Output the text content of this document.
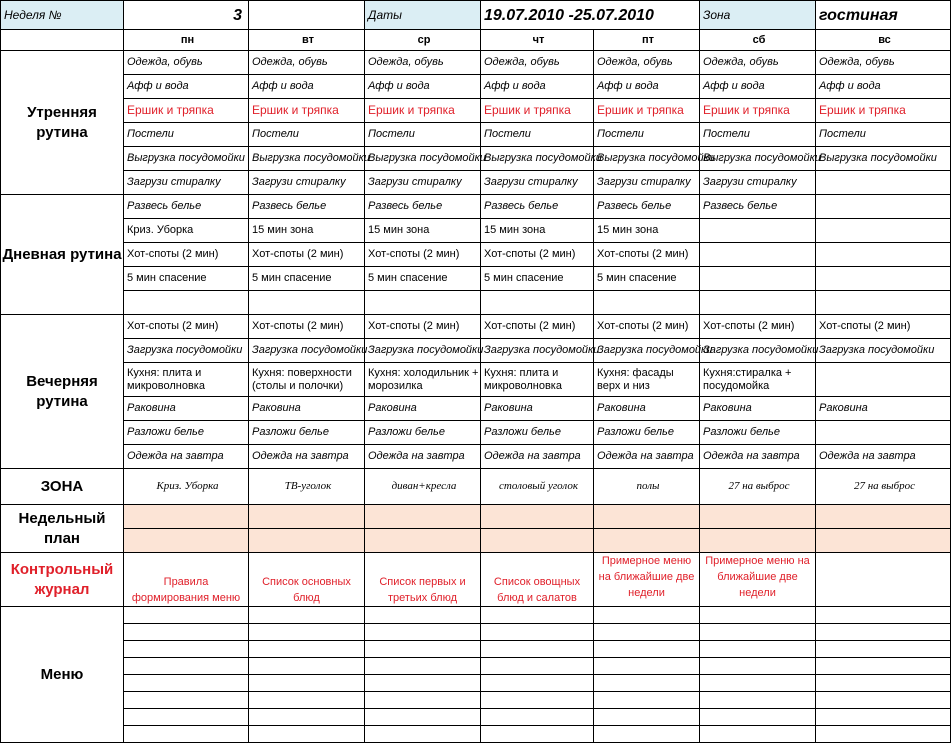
Неделя №	3		Даты	19.07.2010 -25.07.2010		Зона	гостиная
	пн	вт	ср	чт	пт	сб	вс
Утренняя рутина	Одежда, обувь	Одежда, обувь	Одежда, обувь	Одежда, обувь	Одежда, обувь	Одежда, обувь	Одежда, обувь
	Афф и вода	Афф и вода	Афф и вода	Афф и вода	Афф и вода	Афф и вода	Афф и вода
	Ершик и тряпка	Ершик и тряпка	Ершик и тряпка	Ершик и тряпка	Ершик и тряпка	Ершик и тряпка	Ершик и тряпка
	Постели	Постели	Постели	Постели	Постели	Постели	Постели
	Выгрузка посудомойки	Выгрузка посудомойки	Выгрузка посудомойки	Выгрузка посудомойки	Выгрузка посудомойки	Выгрузка посудомойки	Выгрузка посудомойки
	Загрузи стиралку	Загрузи стиралку	Загрузи стиралку	Загрузи стиралку	Загрузи стиралку	Загрузи стиралку	
Дневная рутина	Развесь белье	Развесь белье	Развесь белье	Развесь белье	Развесь белье	Развесь белье	
	Криз. Уборка	15 мин зона	15 мин зона	15 мин зона	15 мин зона		
	Хот-споты (2 мин)	Хот-споты (2 мин)	Хот-споты (2 мин)	Хот-споты (2 мин)	Хот-споты (2 мин)		
	5 мин спасение	5 мин спасение	5 мин спасение	5 мин спасение	5 мин спасение		

Вечерняя рутина	Хот-споты (2 мин)	Хот-споты (2 мин)	Хот-споты (2 мин)	Хот-споты (2 мин)	Хот-споты (2 мин)	Хот-споты (2 мин)	Хот-споты (2 мин)
	Загрузка посудомойки	Загрузка посудомойки	Загрузка посудомойки	Загрузка посудомойки	Загрузка посудомойки	Загрузка посудомойки	Загрузка посудомойки
	Кухня: плита и микроволновка	Кухня: поверхности (столы и полочки)	Кухня: холодильник + морозилка	Кухня: плита и микроволновка	Кухня: фасады верх и низ	Кухня:стиралка + посудомойка	
	Раковина	Раковина	Раковина	Раковина	Раковина	Раковина	Раковина
	Разложи белье	Разложи белье	Разложи белье	Разложи белье	Разложи белье	Разложи белье	
	Одежда на завтра	Одежда на завтра	Одежда на завтра	Одежда на завтра	Одежда на завтра	Одежда на завтра	Одежда на завтра
ЗОНА	Криз. Уборка	ТВ-уголок	диван+кресла	столовый уголок	полы	27 на выброс	27 на выброс
Недельный план							

Контрольный журнал	Правила формирования меню	Список основных блюд	Список первых и третьих блюд	Список овощных блюд и салатов	Примерное меню на ближайшие две недели	Примерное меню на ближайшие две недели	
Меню							
